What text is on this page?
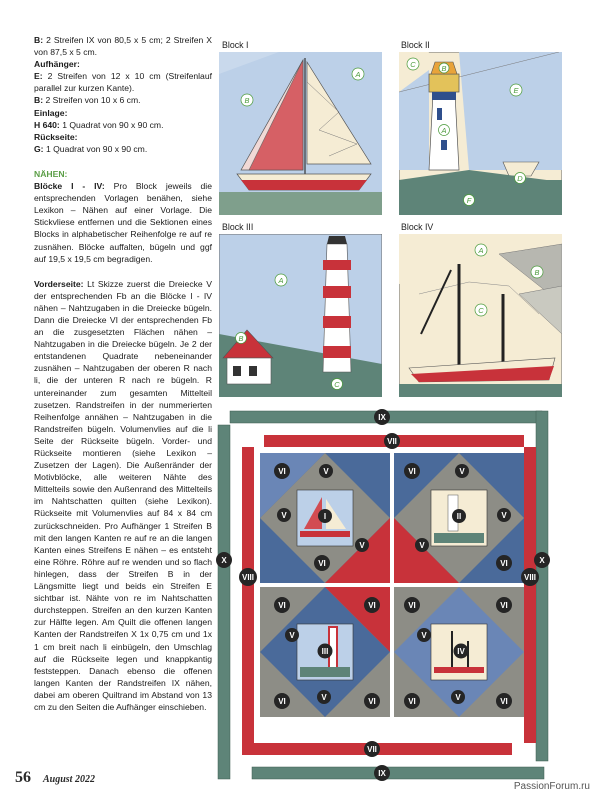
B: 2 Streifen IX von 80,5 x 5 cm; 2 Streifen X von 87,5 x 5 cm.

Aufhänger:

E: 2 Streifen von 12 x 10 cm (Streifenlauf parallel zur kurzen Kante).

B: 2 Streifen von 10 x 6 cm.

Einlage:

H 640: 1 Quadrat von 90 x 90 cm.

Rückseite:

G: 1 Quadrat von 90 x 90 cm.

NÄHEN:

Blöcke I - IV: Pro Block jeweils die entsprechenden Vorlagen benähen, siehe Lexikon – Nähen auf einer Vorlage. Die Stickvliese entfernen und die Sektionen eines Blocks in alphabetischer Reihenfolge re auf re zusnähen. Blöcke auffalten, bügeln und ggf auf 19,5 x 19,5 cm begradigen.

Vorderseite: Lt Skizze zuerst die Dreiecke V der entsprechenden Fb an die Blöcke I - IV nähen – Nahtzugaben in die Dreiecke bügeln. Dann die Dreiecke VI der entsprechenden Fb an die zusgesetzten Flächen nähen – Nahtzugaben in die Dreiecke bügeln. Je 2 der entstandenen Quadrate nebeneinander zusnähen – Nahtzugaben der oberen R nach li, die der unteren R nach re bügeln. R untereinander zum gesamten Mittelteil zusetzen. Randstreifen in der nummerierten Reihenfolge annähen – Nahtzugaben in die Randstreifen bügeln. Volumenvlies auf die li Seite der Rückseite bügeln. Vorder- und Rückseite montieren (siehe Lexikon – Zusetzen der Lagen). Die Außenränder der Motivblöcke, alle weiteren Nähte des Mittelteils sowie den Außenrand des Mittelteils im Nahtschatten quilten (siehe Lexikon). Rückseite mit Volumenvlies auf 84 x 84 cm zurückschneiden. Pro Aufhänger 1 Streifen B mit den langen Kanten re auf re an die langen Kanten eines Streifens E nähen – es entsteht eine Röhre. Röhre auf re wenden und so flach hinlegen, dass der Streifen B in der Längsmitte liegt und beids ein Streifen E sichtbar ist. Nähte von re im Nahtschatten durchsteppen. Streifen an den kurzen Kanten zur Hälfte legen. Am Quilt die offenen langen Kanten der Randstreifen X 1x 0,75 cm und 1x 1 cm breit nach li einbügeln, den Umschlag auf die Rückseite legen und knappkantig feststeppen. Danach ebenso die offenen langen Kanten der Randstreifen IX nähen, dabei am oberen Quiltrand im Abstand von 13 cm zu den Seiten die Aufhänger einschieben.

Block I	Block II
Block III	Block IV
A
B
C	B
E
A
D
F
A
B
C
A
B
C
IX
VII
X
VIII	VIII
X
VII
IX
VI	V
V	I
V
VI
VI	V
II	V
V
VI
VI	VI
V
III
V
VI	VI
VI	VI
V
IV
V
VI	VI
56 August 2022
PassionForum.ru
